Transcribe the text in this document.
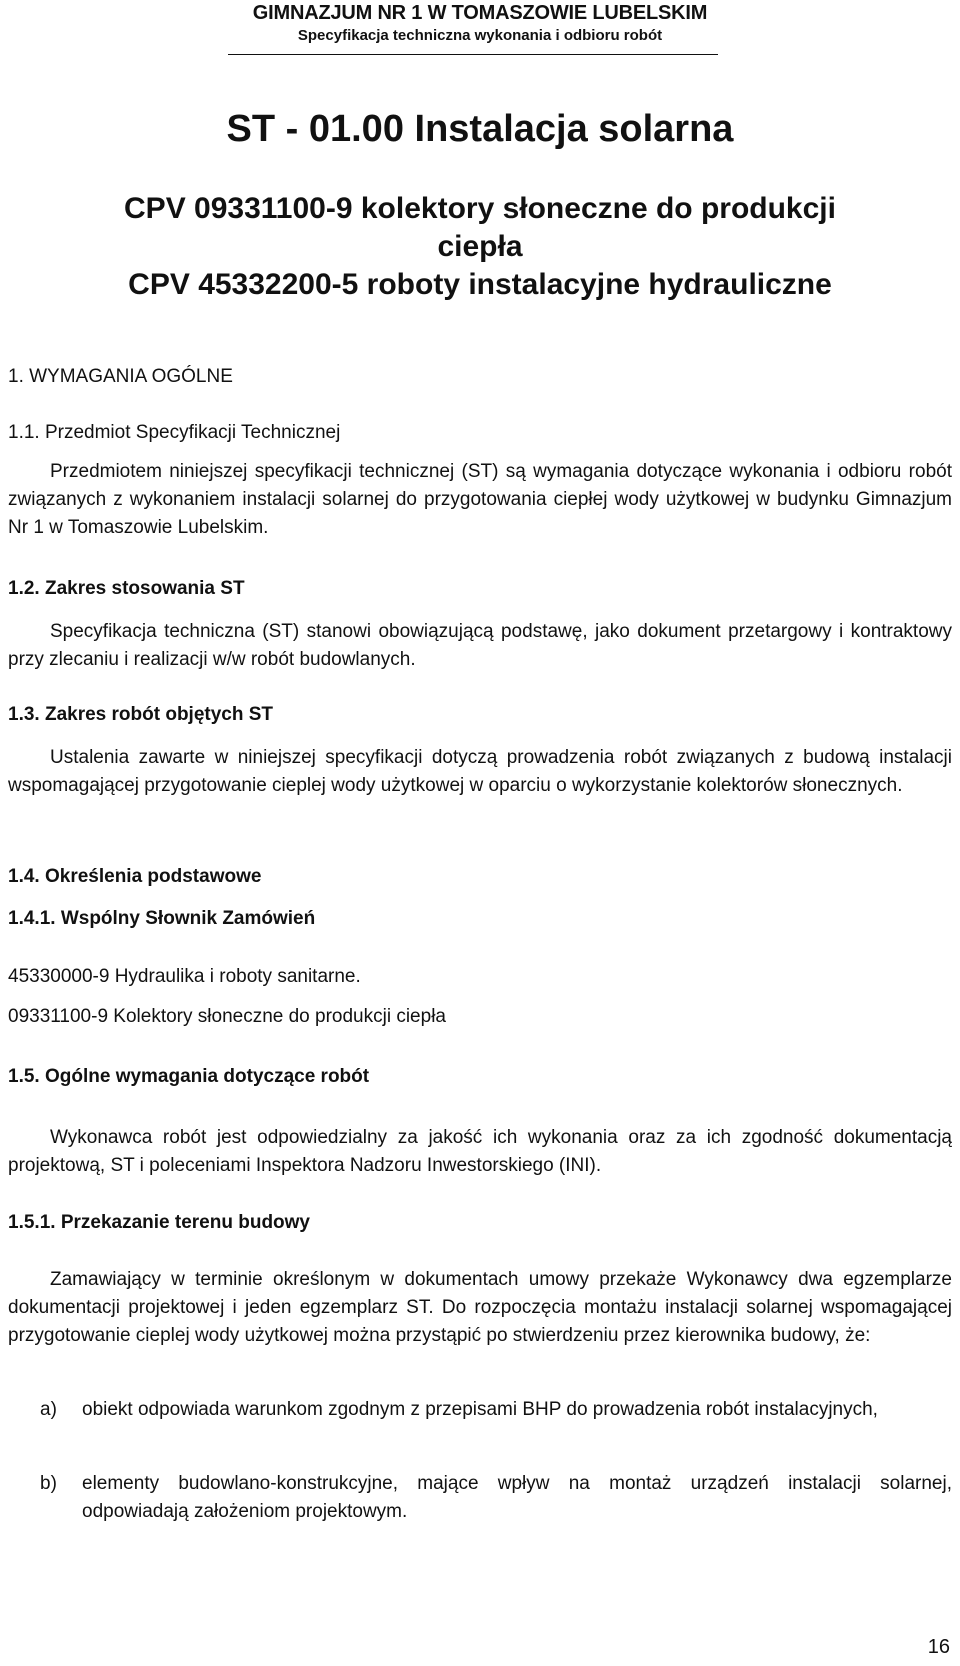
GIMNAZJUM NR 1 W TOMASZOWIE LUBELSKIM
Specyfikacja techniczna wykonania i odbioru robót
ST - 01.00 Instalacja solarna
CPV 09331100-9 kolektory słoneczne do produkcji
ciepła
CPV 45332200-5 roboty instalacyjne hydrauliczne
1. WYMAGANIA OGÓLNE
1.1. Przedmiot Specyfikacji Technicznej
Przedmiotem niniejszej specyfikacji technicznej (ST) są wymagania dotyczące wykonania i odbioru robót związanych z wykonaniem instalacji solarnej do przygotowania ciepłej wody użytkowej w budynku Gimnazjum Nr 1 w Tomaszowie Lubelskim.
1.2. Zakres stosowania ST
Specyfikacja techniczna (ST) stanowi obowiązującą podstawę, jako dokument przetargowy i kontraktowy przy zlecaniu i realizacji w/w robót budowlanych.
1.3. Zakres robót objętych ST
Ustalenia zawarte w niniejszej specyfikacji dotyczą prowadzenia robót związanych z budową instalacji wspomagającej przygotowanie cieplej wody użytkowej w oparciu o wykorzystanie kolektorów słonecznych.
1.4. Określenia podstawowe
1.4.1. Wspólny Słownik Zamówień
45330000-9 Hydraulika i roboty sanitarne.
09331100-9 Kolektory słoneczne do produkcji ciepła
1.5. Ogólne wymagania dotyczące robót
Wykonawca robót jest odpowiedzialny za jakość ich wykonania oraz za ich zgodność dokumentacją projektową, ST i poleceniami Inspektora Nadzoru Inwestorskiego (INI).
1.5.1. Przekazanie terenu budowy
Zamawiający w terminie określonym w dokumentach umowy przekaże Wykonawcy dwa egzemplarze dokumentacji projektowej i jeden egzemplarz ST. Do rozpoczęcia montażu instalacji solarnej wspomagającej przygotowanie cieplej wody użytkowej można przystąpić po stwierdzeniu przez kierownika budowy, że:
a) obiekt odpowiada warunkom zgodnym z przepisami BHP do prowadzenia robót instalacyjnych,
b) elementy budowlano-konstrukcyjne, mające wpływ na montaż urządzeń instalacji solarnej, odpowiadają założeniom projektowym.
16
